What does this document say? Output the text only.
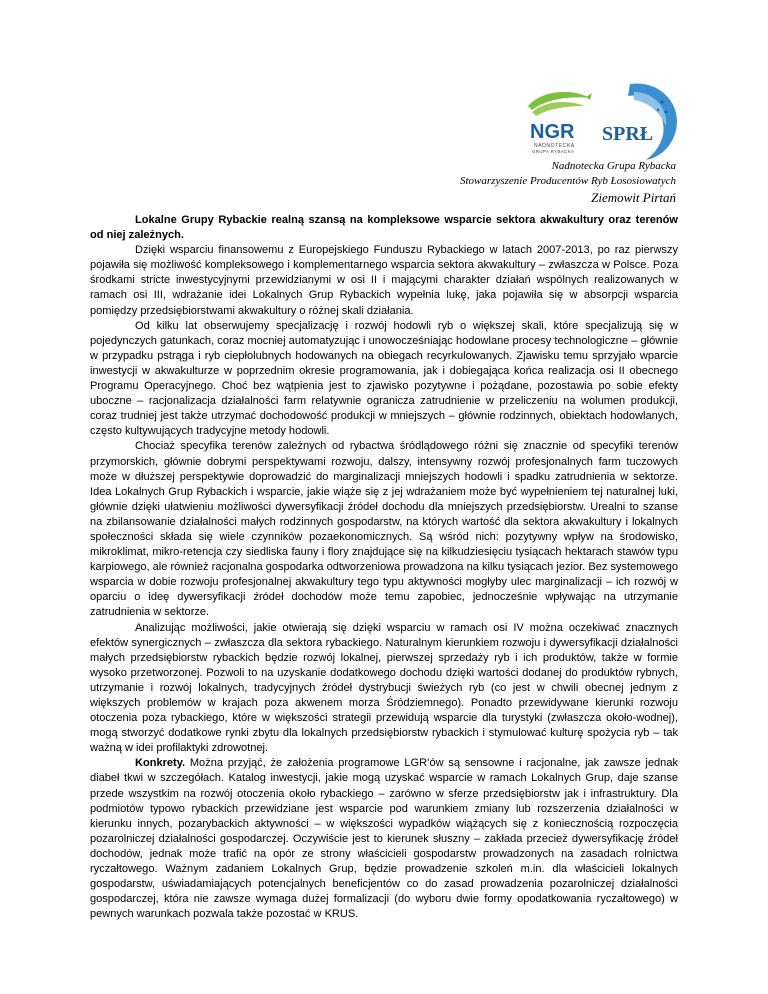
NGR
NADNOTECKA
GRUPA RYBACKA
SPRŁ

Nadnotecka Grupa Rybacka

Stowarzyszenie Producentów Ryb Łososiowatych

Ziemowit Pirtań

Lokalne Grupy Rybackie realną szansą na kompleksowe wsparcie sektora akwakultury oraz terenów od niej zależnych.

Dzięki wsparciu finansowemu z Europejskiego Funduszu Rybackiego w latach 2007-2013, po raz pierwszy pojawiła się możliwość kompleksowego i komplementarnego wsparcia sektora akwakultury – zwłaszcza w Polsce. Poza środkami stricte inwestycyjnymi przewidzianymi w osi II i mającymi charakter działań wspólnych realizowanych w ramach osi III, wdrażanie idei Lokalnych Grup Rybackich wypełnia lukę, jaka pojawiła się w absorpcji wsparcia pomiędzy przedsiębiorstwami akwakultury o różnej skali działania.

Od kilku lat obserwujemy specjalizację i rozwój hodowli ryb o większej skali, które specjalizują się w pojedynczych gatunkach, coraz mocniej automatyzując i unowocześniając hodowlane procesy technologiczne – głównie w przypadku pstrąga i ryb ciepłolubnych hodowanych na obiegach recyrkulowanych. Zjawisku temu sprzyjało wparcie inwestycji w akwakulturze w poprzednim okresie programowania, jak i dobiegająca końca realizacja osi II obecnego Programu Operacyjnego. Choć bez wątpienia jest to zjawisko pozytywne i pożądane, pozostawia po sobie efekty uboczne – racjonalizacja działalności farm relatywnie ogranicza zatrudnienie w przeliczeniu na wolumen produkcji, coraz trudniej jest także utrzymać dochodowość produkcji w mniejszych – głównie rodzinnych, obiektach hodowlanych, często kultywujących tradycyjne metody hodowli.

Chociaż specyfika terenów zależnych od rybactwa śródlądowego różni się znacznie od specyfiki terenów przymorskich, głównie dobrymi perspektywami rozwoju, dalszy, intensywny rozwój profesjonalnych farm tuczowych może w dłuższej perspektywie doprowadzić do marginalizacji mniejszych hodowli i spadku zatrudnienia w sektorze. Idea Lokalnych Grup Rybackich i wsparcie, jakie wiąże się z jej wdrażaniem może być wypełnieniem tej naturalnej luki, głównie dzięki ułatwieniu możliwości dywersyfikacji źródeł dochodu dla mniejszych przedsiębiorstw. Urealni to szanse na zbilansowanie działalności małych rodzinnych gospodarstw, na których wartość dla sektora akwakultury i lokalnych społeczności składa się wiele czynników pozaekonomicznych. Są wśród nich: pozytywny wpływ na środowisko, mikroklimat, mikro-retencja czy siedliska fauny i flory znajdujące się na kilkudziesięciu tysiącach hektarach stawów typu karpiowego, ale również racjonalna gospodarka odtworzeniowa prowadzona na kilku tysiącach jezior. Bez systemowego wsparcia w dobie rozwoju profesjonalnej akwakultury tego typu aktywności mogłyby ulec marginalizacji – ich rozwój w oparciu o ideę dywersyfikacji źródeł dochodów może temu zapobiec, jednocześnie wpływając na utrzymanie zatrudnienia w sektorze.

Analizując możliwości, jakie otwierają się dzięki wsparciu w ramach osi IV można oczekiwać znacznych efektów synergicznych – zwłaszcza dla sektora rybackiego. Naturalnym kierunkiem rozwoju i dywersyfikacji działalności małych przedsiębiorstw rybackich będzie rozwój lokalnej, pierwszej sprzedaży ryb i ich produktów, także w formie wysoko przetworzonej. Pozwoli to na uzyskanie dodatkowego dochodu dzięki wartości dodanej do produktów rybnych, utrzymanie i rozwój lokalnych, tradycyjnych źródeł dystrybucji świeżych ryb (co jest w chwili obecnej jednym z większych problemów w krajach poza akwenem morza Śródziemnego). Ponadto przewidywane kierunki rozwoju otoczenia poza rybackiego, które w większości strategii przewidują wsparcie dla turystyki (zwłaszcza około-wodnej), mogą stworzyć dodatkowe rynki zbytu dla lokalnych przedsiębiorstw rybackich i stymulować kulturę spożycia ryb – tak ważną w idei profilaktyki zdrowotnej.

Konkrety. Można przyjąć, że założenia programowe LGR’ów są sensowne i racjonalne, jak zawsze jednak diabeł tkwi w szczegółach. Katalog inwestycji, jakie mogą uzyskać wsparcie w ramach Lokalnych Grup, daje szanse przede wszystkim na rozwój otoczenia około rybackiego – zarówno w sferze przedsiębiorstw jak i infrastruktury. Dla podmiotów typowo rybackich przewidziane jest wsparcie pod warunkiem zmiany lub rozszerzenia działalności w kierunku innych, pozarybackich aktywności – w większości wypadków wiążących się z koniecznością rozpoczęcia pozarolniczej działalności gospodarczej. Oczywiście jest to kierunek słuszny – zakłada przecież dywersyfikację źródeł dochodów, jednak może trafić na opór ze strony właścicieli gospodarstw prowadzonych na zasadach rolnictwa ryczałtowego. Ważnym zadaniem Lokalnych Grup, będzie prowadzenie szkoleń m.in. dla właścicieli lokalnych gospodarstw, uświadamiających potencjalnych beneficjentów co do zasad prowadzenia pozarolniczej działalności gospodarczej, która nie zawsze wymaga dużej formalizacji (do wyboru dwie formy opodatkowania ryczałtowego) w pewnych warunkach pozwala także pozostać w KRUS.
